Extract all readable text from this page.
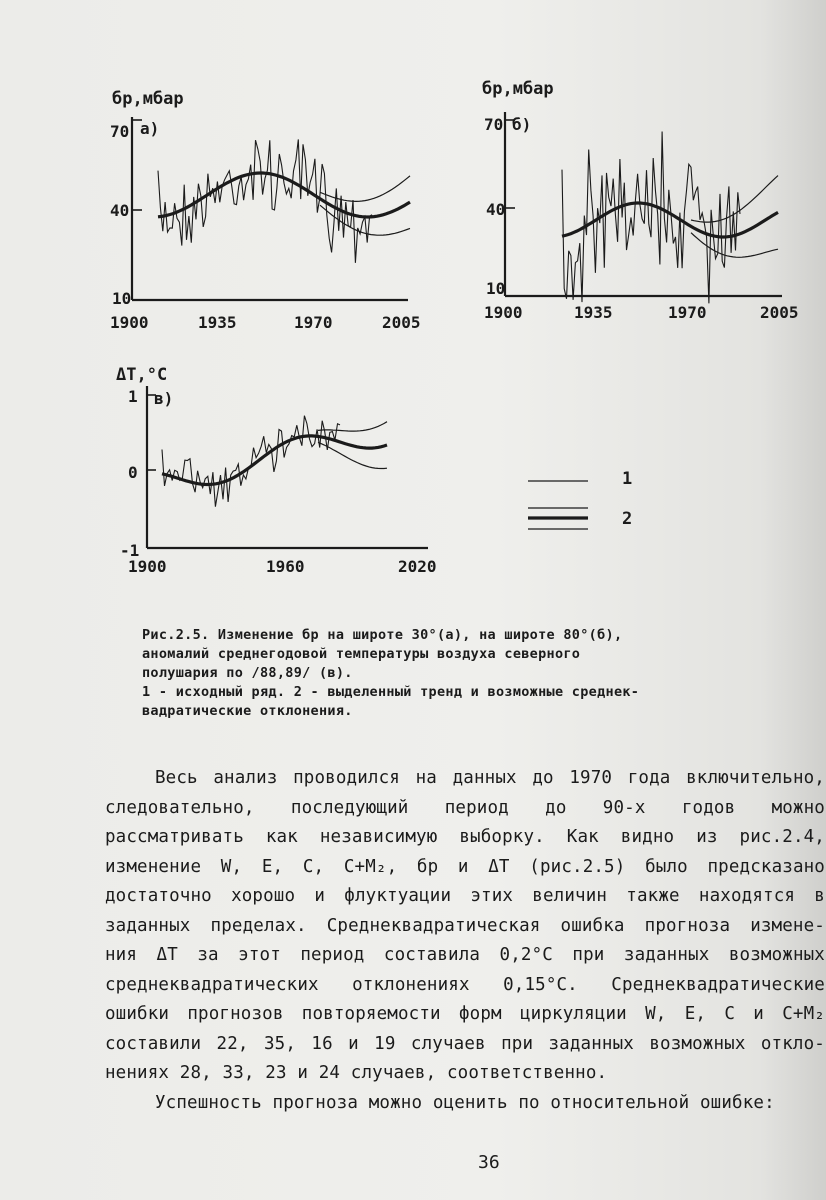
бр,мбар
а)
70
40
10
1900	1935	1970	2005
бр,мбар
б)
70
40
10
1900	1935	1970	2005
ΔT,°C
в)
1
0
-1
1900	1960	2020
1
2
Рис.2.5. Изменение бр на широте 30°(а), на широте 80°(б),
аномалий среднегодовой температуры воздуха северного
полушария по /88,89/ (в).
1 - исходный ряд. 2 - выделенный тренд и возможные среднек-
вадратические отклонения.

Весь анализ проводился на данных до 1970 года включительно,

следовательно, последующий период до 90-х годов можно

рассматривать как независимую выборку. Как видно из рис.2.4,

изменение W, E, C, C+M₂, бр и ΔT (рис.2.5) было предсказано

достаточно хорошо и флуктуации этих величин также находятся в

заданных пределах. Среднеквадратическая ошибка прогноза измене-

ния ΔT за этот период составила 0,2°С при заданных возможных

среднеквадратических отклонениях 0,15°С. Среднеквадратические

ошибки прогнозов повторяемости форм циркуляции W, E, C и C+M₂

составили 22, 35, 16 и 19 случаев при заданных возможных откло-

нениях 28, 33, 23 и 24 случаев, соответственно.

Успешность прогноза можно оценить по относительной ошибке:

36
